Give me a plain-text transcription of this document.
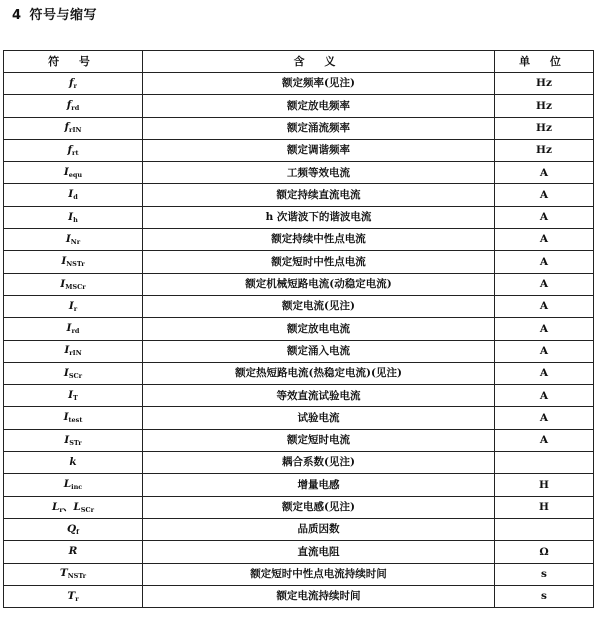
4 符号与缩写
符 号	含 义	单 位
$f_r$	额定频率(见注)	Hz
$f_{rd}$	额定放电频率	Hz
$f_{rIN}$	额定涌流频率	Hz
$f_{rt}$	额定调谐频率	Hz
$I_{equ}$	工频等效电流	A
$I_d$	额定持续直流电流	A
$I_h$	h 次谐波下的谐波电流	A
$I_{Nr}$	额定持续中性点电流	A
$I_{NSTr}$	额定短时中性点电流	A
$I_{MSCr}$	额定机械短路电流(动稳定电流)	A
$I_r$	额定电流(见注)	A
$I_{rd}$	额定放电电流	A
$I_{rIN}$	额定涌入电流	A
$I_{SCr}$	额定热短路电流(热稳定电流)(见注)	A
$I_T$	等效直流试验电流	A
$I_{test}$	试验电流	A
$I_{STr}$	额定短时电流	A
k	耦合系数(见注)	
$L_{inc}$	增量电感	H
$L_r$、$L_{SCr}$	额定电感(见注)	H
$Q_f$	品质因数	
R	直流电阻	Ω
$T_{NSTr}$	额定短时中性点电流持续时间	s
$T_r$	额定电流持续时间	s
